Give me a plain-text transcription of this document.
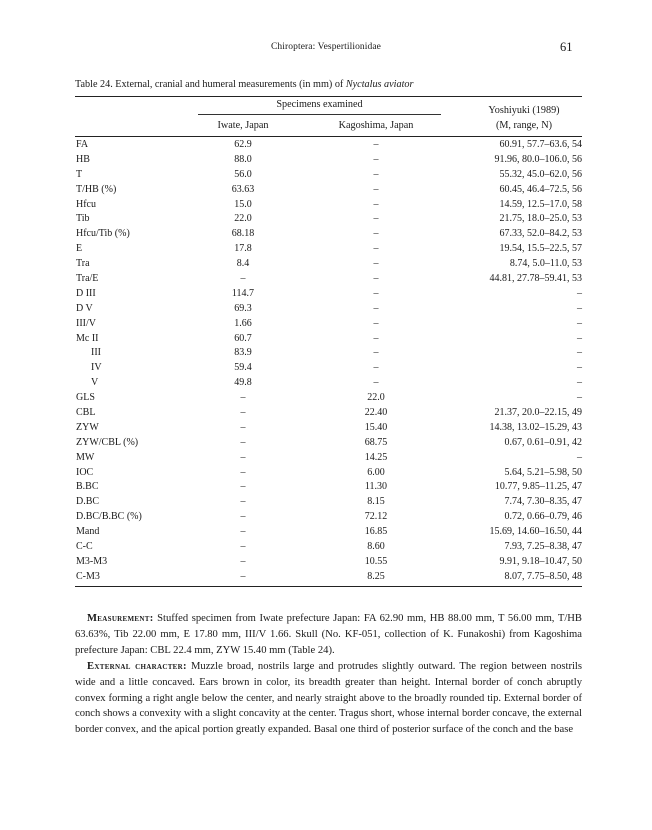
Chiroptera: Vespertilionidae	61
Table 24. External, cranial and humeral measurements (in mm) of Nyctalus aviator
Specimens examined
Iwate, Japan	Kagoshima, Japan
Yoshiyuki (1989)
(M, range, N)
FA	62.9	–	60.91, 57.7–63.6, 54
HB	88.0	–	91.96, 80.0–106.0, 56
T	56.0	–	55.32, 45.0–62.0, 56
T/HB (%)	63.63	–	60.45, 46.4–72.5, 56
Hfcu	15.0	–	14.59, 12.5–17.0, 58
Tib	22.0	–	21.75, 18.0–25.0, 53
Hfcu/Tib (%)	68.18	–	67.33, 52.0–84.2, 53
E	17.8	–	19.54, 15.5–22.5, 57
Tra	8.4	–	8.74, 5.0–11.0, 53
Tra/E	–	–	44.81, 27.78–59.41, 53
D III	114.7	–	–
D V	69.3	–	–
III/V	1.66	–	–
Mc II	60.7	–	–
III	83.9	–	–
IV	59.4	–	–
V	49.8	–	–
GLS	–	22.0	–
CBL	–	22.40	21.37, 20.0–22.15, 49
ZYW	–	15.40	14.38, 13.02–15.29, 43
ZYW/CBL (%)	–	68.75	0.67, 0.61–0.91, 42
MW	–	14.25	–
IOC	–	6.00	5.64, 5.21–5.98, 50
B.BC	–	11.30	10.77, 9.85–11.25, 47
D.BC	–	8.15	7.74, 7.30–8.35, 47
D.BC/B.BC (%)	–	72.12	0.72, 0.66–0.79, 46
Mand	–	16.85	15.69, 14.60–16.50, 44
C-C	–	8.60	7.93, 7.25–8.38, 47
M3-M3	–	10.55	9.91, 9.18–10.47, 50
C-M3	–	8.25	8.07, 7.75–8.50, 48

Measurement: Stuffed specimen from Iwate prefecture Japan: FA 62.90 mm, HB 88.00 mm, T 56.00 mm, T/HB 63.63%, Tib 22.00 mm, E 17.80 mm, III/V 1.66. Skull (No. KF-051, collection of K. Funakoshi) from Kagoshima prefecture Japan: CBL 22.4 mm, ZYW 15.40 mm (Table 24).

External character: Muzzle broad, nostrils large and protrudes slightly outward. The region between nostrils wide and a little concaved. Ears brown in color, its breadth greater than height. Internal border of conch abruptly convex forming a right angle below the center, and nearly straight above to the broadly rounded tip. External border of conch shows a convexity with a slight concavity at the center. Tragus short, whose internal border concave, the external border convex, and the apical portion greatly expanded. Basal one third of posterior surface of the conch and the base
